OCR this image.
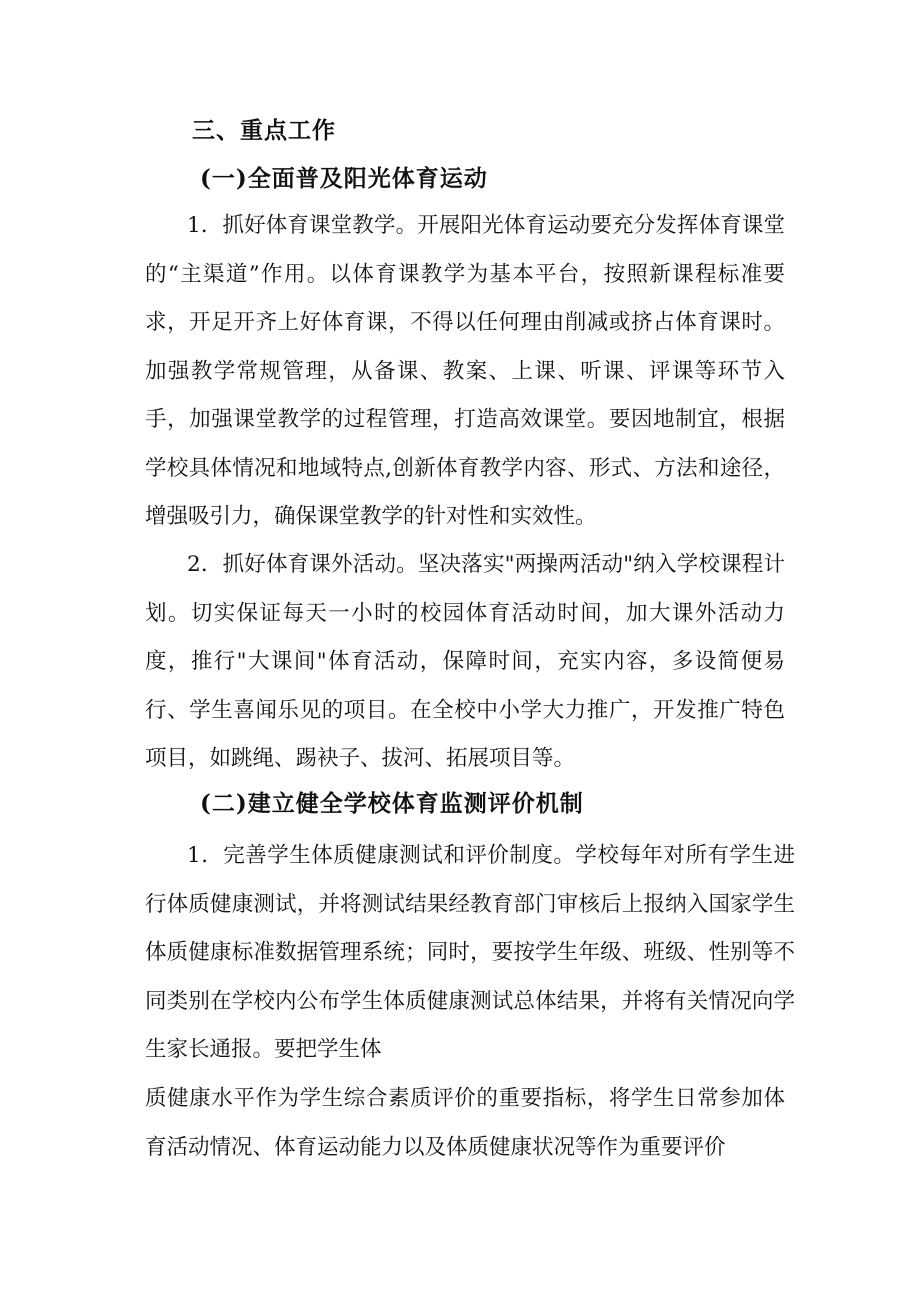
三、重点工作
(一)全面普及阳光体育运动

1．抓好体育课堂教学。开展阳光体育运动要充分发挥体育课堂的“主渠道”作用。以体育课教学为基本平台，按照新课程标准要求，开足开齐上好体育课，不得以任何理由削减或挤占体育课时。加强教学常规管理，从备课、教案、上课、听课、评课等环节入手，加强课堂教学的过程管理，打造高效课堂。要因地制宜，根据学校具体情况和地域特点,创新体育教学内容、形式、方法和途径，增强吸引力，确保课堂教学的针对性和实效性。

2．抓好体育课外活动。坚决落实"两操两活动"纳入学校课程计划。切实保证每天一小时的校园体育活动时间，加大课外活动力度，推行"大课间"体育活动，保障时间，充实内容，多设简便易行、学生喜闻乐见的项目。在全校中小学大力推广，开发推广特色项目，如跳绳、踢袂子、拔河、拓展项目等。

(二)建立健全学校体育监测评价机制

1．完善学生体质健康测试和评价制度。学校每年对所有学生进行体质健康测试，并将测试结果经教育部门审核后上报纳入国家学生体质健康标准数据管理系统；同时，要按学生年级、班级、性别等不同类别在学校内公布学生体质健康测试总体结果，并将有关情况向学生家长通报。要把学生体

质健康水平作为学生综合素质评价的重要指标，将学生日常参加体育活动情况、体育运动能力以及体质健康状况等作为重要评价
